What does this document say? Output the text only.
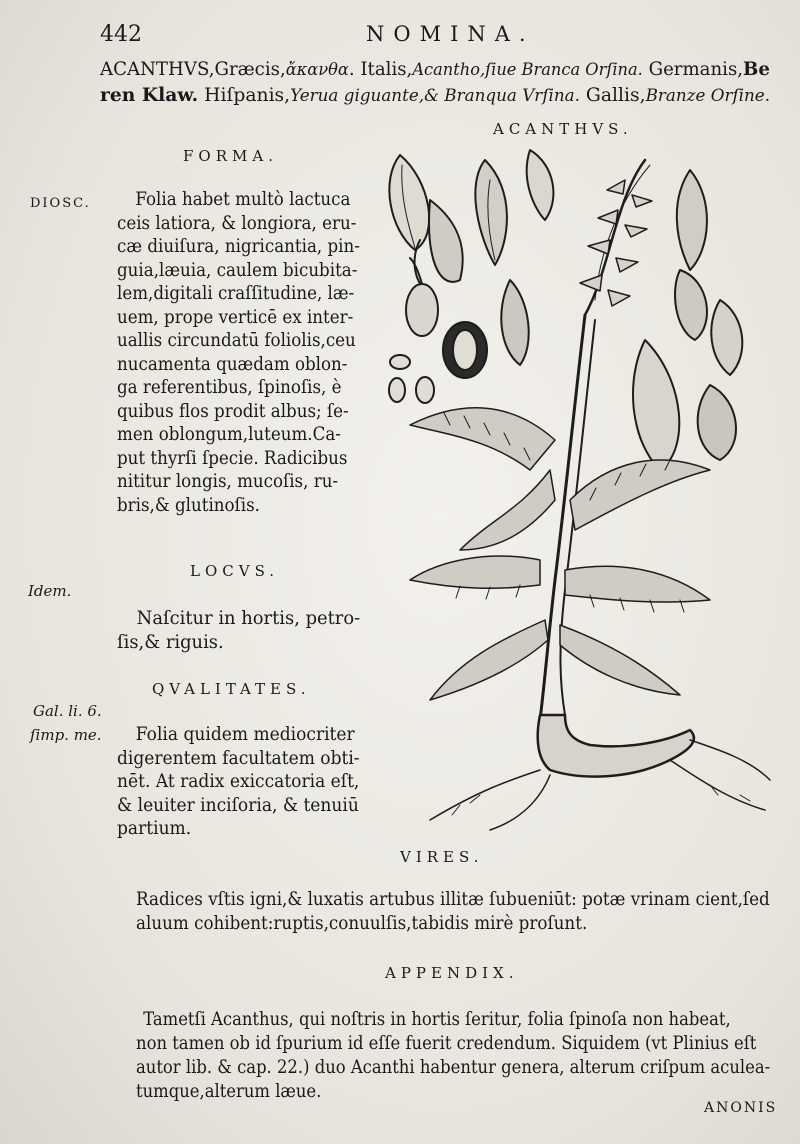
442	NOMINA.
ACANTHVS,Græcis,ἄκανθα. Italis,Acantho,ſiue Branca Orſina. Germanis,Be
ren Klaw. Hiſpanis,Yerua giguante,& Branqua Vrſina. Gallis,Branze Orſine.
ACANTHVS.
FORMA.
DIOSC.	Folia habet multò lactuca
ceis latiora, & longiora, eru-
cæ diuiſura, nigricantia, pin-
guia,læuia, caulem bicubita-
lem,digitali craſſitudine, læ-
uem, prope verticē ex inter-
uallis circundatū foliolis,ceu
nucamenta quædam oblon-
ga referentibus, ſpinoſis, è
quibus flos prodit albus; ſe-
men oblongum,luteum.Ca-
put thyrſi ſpecie. Radicibus
nititur longis, mucoſis, ru-
bris,& glutinoſis.
LOCVS.
Idem.
Naſcitur in hortis, petro-
ſis,& riguis.
QVALITATES.
Gal. li. 6.
ſimp. me.	Folia quidem mediocriter
digerentem facultatem obti-
nēt. At radix exiccatoria eſt,
& leuiter inciſoria, & tenuiū
partium.
VIRES.
Radices vſtis igni,& luxatis artubus illitæ ſubueniūt: potæ vrinam cient,ſed
aluum cohibent:ruptis,conuulſis,tabidis mirè proſunt.
APPENDIX.
Tametſi Acanthus, qui noſtris in hortis ſeritur, folia ſpinoſa non habeat,
non tamen ob id ſpurium id eſſe fuerit credendum. Siquidem (vt Plinius eſt
autor lib. & cap. 22.) duo Acanthi habentur genera, alterum criſpum aculea-
tumque,alterum læue.
ANONIS
